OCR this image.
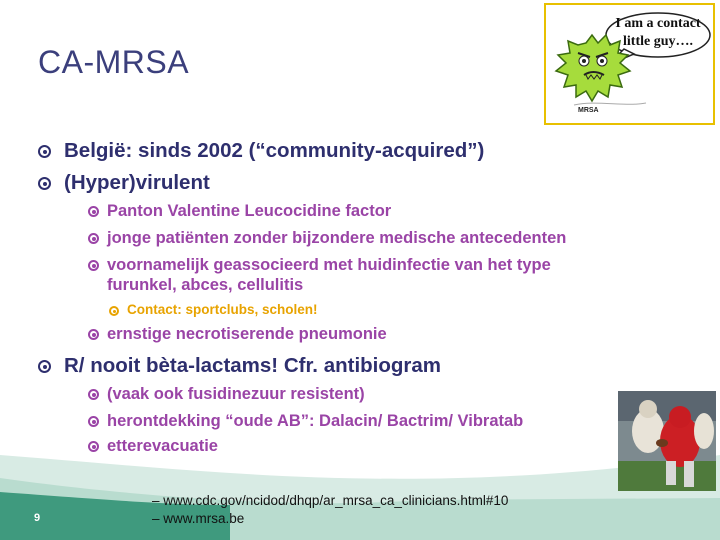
CA-MRSA
I am a contact
little guy….
MRSA
België: sinds 2002 (“community-acquired”)
(Hyper)virulent
Panton Valentine Leucocidine factor
jonge patiënten zonder bijzondere medische antecedenten
voornamelijk geassocieerd met huidinfectie van het type
furunkel, abces, cellulitis
Contact: sportclubs, scholen!
ernstige necrotiserende pneumonie
R/ nooit bèta-lactams! Cfr. antibiogram
(vaak ook fusidinezuur resistent)
herontdekking “oude AB”: Dalacin/ Bactrim/ Vibratab
etterevacuatie
– www.cdc.gov/ncidod/dhqp/ar_mrsa_ca_clinicians.html#10
– www.mrsa.be
9
